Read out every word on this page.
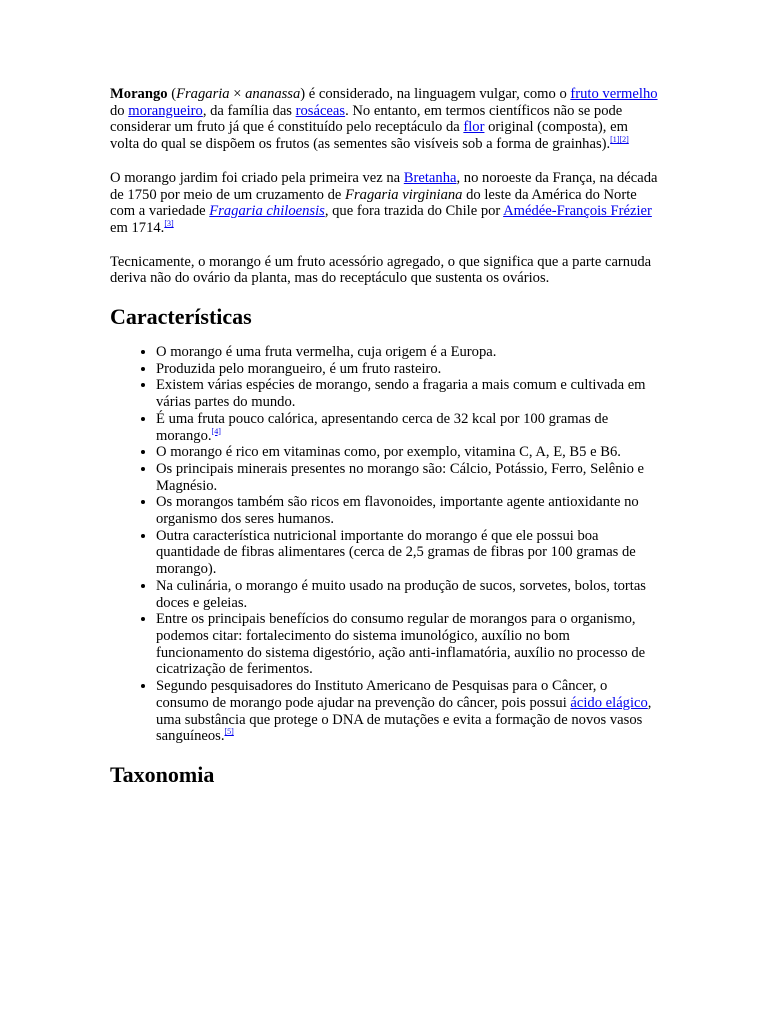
Morango (Fragaria × ananassa) é considerado, na linguagem vulgar, como o fruto vermelho do morangueiro, da família das rosáceas. No entanto, em termos científicos não se pode considerar um fruto já que é constituído pelo receptáculo da flor original (composta), em volta do qual se dispõem os frutos (as sementes são visíveis sob a forma de grainhas).[1][2]

O morango jardim foi criado pela primeira vez na Bretanha, no noroeste da França, na década de 1750 por meio de um cruzamento de Fragaria virginiana do leste da América do Norte com a variedade Fragaria chiloensis, que fora trazida do Chile por Amédée-François Frézier em 1714.[3]

Tecnicamente, o morango é um fruto acessório agregado, o que significa que a parte carnuda deriva não do ovário da planta, mas do receptáculo que sustenta os ovários.

Características
• O morango é uma fruta vermelha, cuja origem é a Europa.
• Produzida pelo morangueiro, é um fruto rasteiro.
• Existem várias espécies de morango, sendo a fragaria a mais comum e cultivada em várias partes do mundo.
• É uma fruta pouco calórica, apresentando cerca de 32 kcal por 100 gramas de morango.[4]
• O morango é rico em vitaminas como, por exemplo, vitamina C, A, E, B5 e B6.
• Os principais minerais presentes no morango são: Cálcio, Potássio, Ferro, Selênio e Magnésio.
• Os morangos também são ricos em flavonoides, importante agente antioxidante no organismo dos seres humanos.
• Outra característica nutricional importante do morango é que ele possui boa quantidade de fibras alimentares (cerca de 2,5 gramas de fibras por 100 gramas de morango).
• Na culinária, o morango é muito usado na produção de sucos, sorvetes, bolos, tortas doces e geleias.
• Entre os principais benefícios do consumo regular de morangos para o organismo, podemos citar: fortalecimento do sistema imunológico, auxílio no bom funcionamento do sistema digestório, ação anti-inflamatória, auxílio no processo de cicatrização de ferimentos.
• Segundo pesquisadores do Instituto Americano de Pesquisas para o Câncer, o consumo de morango pode ajudar na prevenção do câncer, pois possui ácido elágico, uma substância que protege o DNA de mutações e evita a formação de novos vasos sanguíneos.[5]
Taxonomia
